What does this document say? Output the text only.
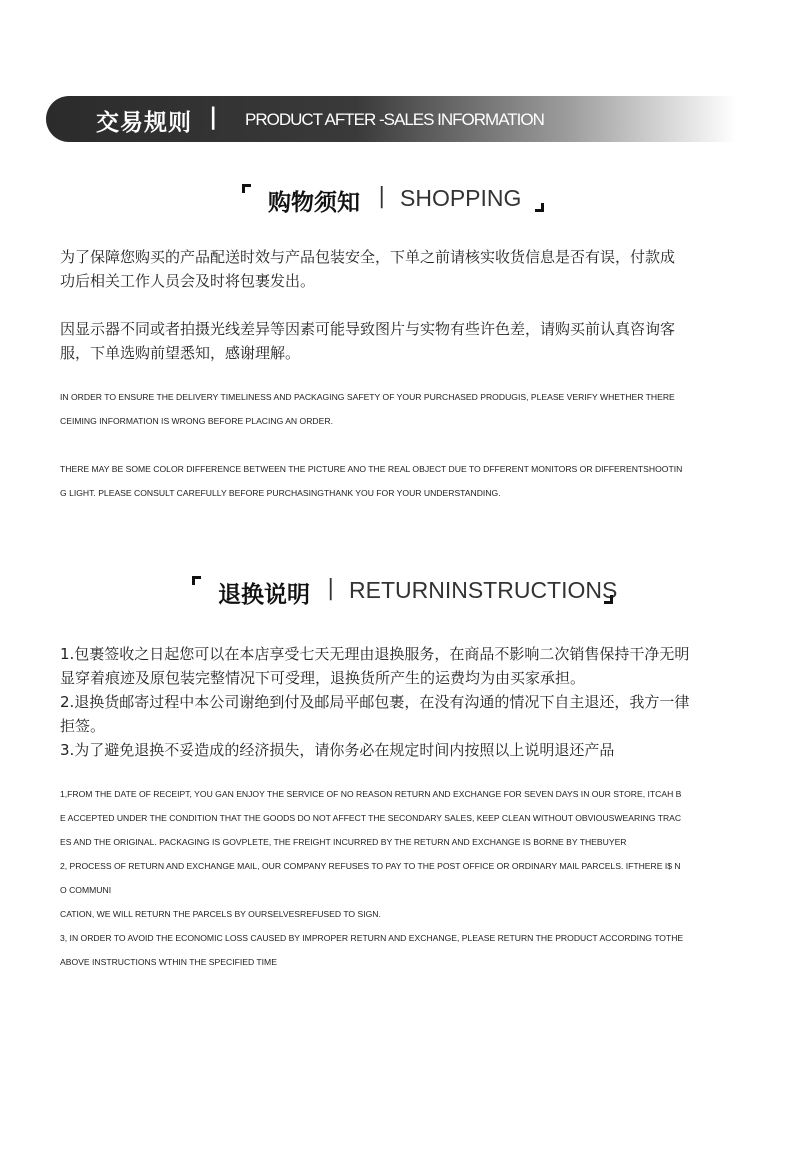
交易规则 | PRODUCT AFTER -SALES INFORMATION
购物须知 | SHOPPING

为了保障您购买的产品配送时效与产品包装安全，下单之前请核实收货信息是否有误，付款成
功后相关工作人员会及时将包裹发出。

因显示器不同或者拍摄光线差异等因素可能导致图片与实物有些许色差，请购买前认真咨询客
服，下单选购前望悉知，感谢理解。

IN ORDER TO ENSURE THE DELIVERY TIMELINESS AND PACKAGING SAFETY OF YOUR PURCHASED PRODUGIS, PLEASE VERIFY WHETHER THERE
CEIMING INFORMATION IS WRONG BEFORE PLACING AN ORDER.

THERE MAY BE SOME COLOR DIFFERENCE BETWEEN THE PICTURE ANO THE REAL OBJECT DUE TO DFFERENT MONITORS OR DIFFERENTSHOOTIN
G LIGHT. PLEASE CONSULT CAREFULLY BEFORE PURCHASINGTHANK YOU FOR YOUR UNDERSTANDING.

退换说明 | RETURNINSTRUCTIONS

1.包裹签收之日起您可以在本店享受七天无理由退换服务，在商品不影响二次销售保持干净无明
显穿着痕迹及原包装完整情况下可受理，退换货所产生的运费均为由买家承担。
2.退换货邮寄过程中本公司谢绝到付及邮局平邮包裹，在没有沟通的情况下自主退还，我方一律
拒签。
3.为了避免退换不妥造成的经济损失，请你务必在规定时间内按照以上说明退还产品

1,FROM THE DATE OF RECEIPT, YOU GAN ENJOY THE SERVICE OF NO REASON RETURN AND EXCHANGE FOR SEVEN DAYS IN OUR STORE, ITCAH B
E ACCEPTED UNDER THE CONDITION THAT THE GOODS DO NOT AFFECT THE SECONDARY SALES, KEEP CLEAN WITHOUT OBVIOUSWEARING TRAC
ES AND THE ORIGINAL. PACKAGING IS GOVPLETE, THE FREIGHT INCURRED BY THE RETURN AND EXCHANGE IS BORNE BY THEBUYER
2, PROCESS OF RETURN AND EXCHANGE MAIL, OUR COMPANY REFUSES TO PAY TO THE POST OFFICE OR ORDINARY MAIL PARCELS. IFTHERE I$ N
O COMMUNI
CATION, WE WILL RETURN THE PARCELS BY OURSELVESREFUSED TO SIGN.
3, IN ORDER TO AVOID THE ECONOMIC LOSS CAUSED BY IMPROPER RETURN AND EXCHANGE, PLEASE RETURN THE PRODUCT ACCORDING TOTHE
ABOVE INSTRUCTIONS WTHIN THE SPECIFIED TIME
